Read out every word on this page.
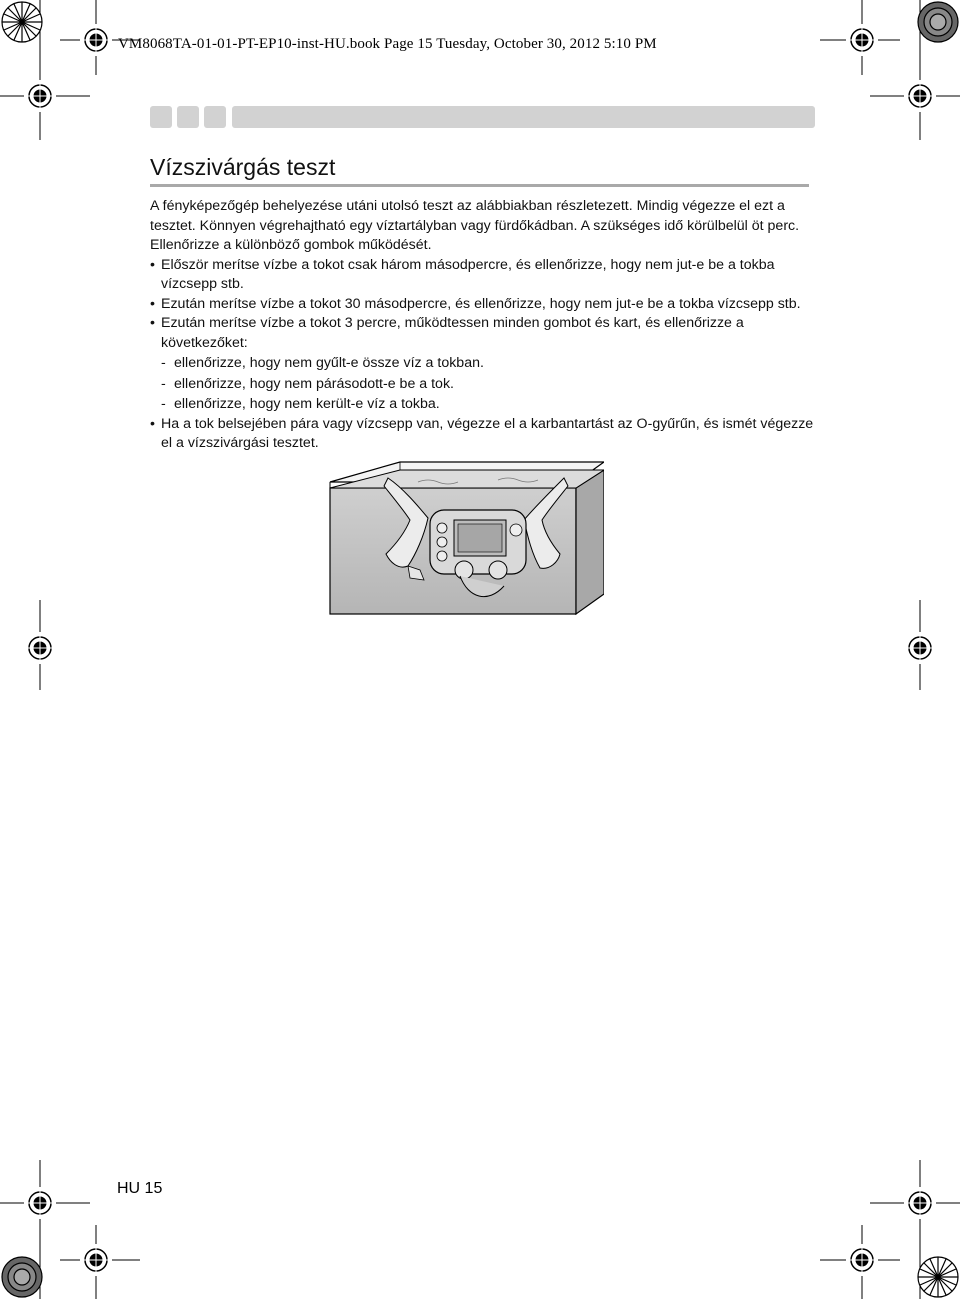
VM8068TA-01-01-PT-EP10-inst-HU.book Page 15 Tuesday, October 30, 2012 5:10 PM
Vízszivárgás teszt

A fényképezőgép behelyezése utáni utolsó teszt az alábbiakban részletezett. Mindig végezze el ezt a tesztet. Könnyen végrehajtható egy víztartályban vagy fürdőkádban. A szükséges idő körülbelül öt perc. Ellenőrizze a különböző gombok működését.

• Először merítse vízbe a tokot csak három másodpercre, és ellenőrizze, hogy nem jut-e be a tokba vízcsepp stb.
• Ezután merítse vízbe a tokot 30 másodpercre, és ellenőrizze, hogy nem jut-e be a tokba vízcsepp stb.
• Ezután merítse vízbe a tokot 3 percre, működtessen minden gombot és kart, és ellenőrizze a következőket:
- ellenőrizze, hogy nem gyűlt-e össze víz a tokban.
- ellenőrizze, hogy nem párásodott-e be a tok.
- ellenőrizze, hogy nem került-e víz a tokba.
• Ha a tok belsejében pára vagy vízcsepp van, végezze el a karbantartást az O-gyűrűn, és ismét végezze el a vízszivárgási tesztet.
HU 15
